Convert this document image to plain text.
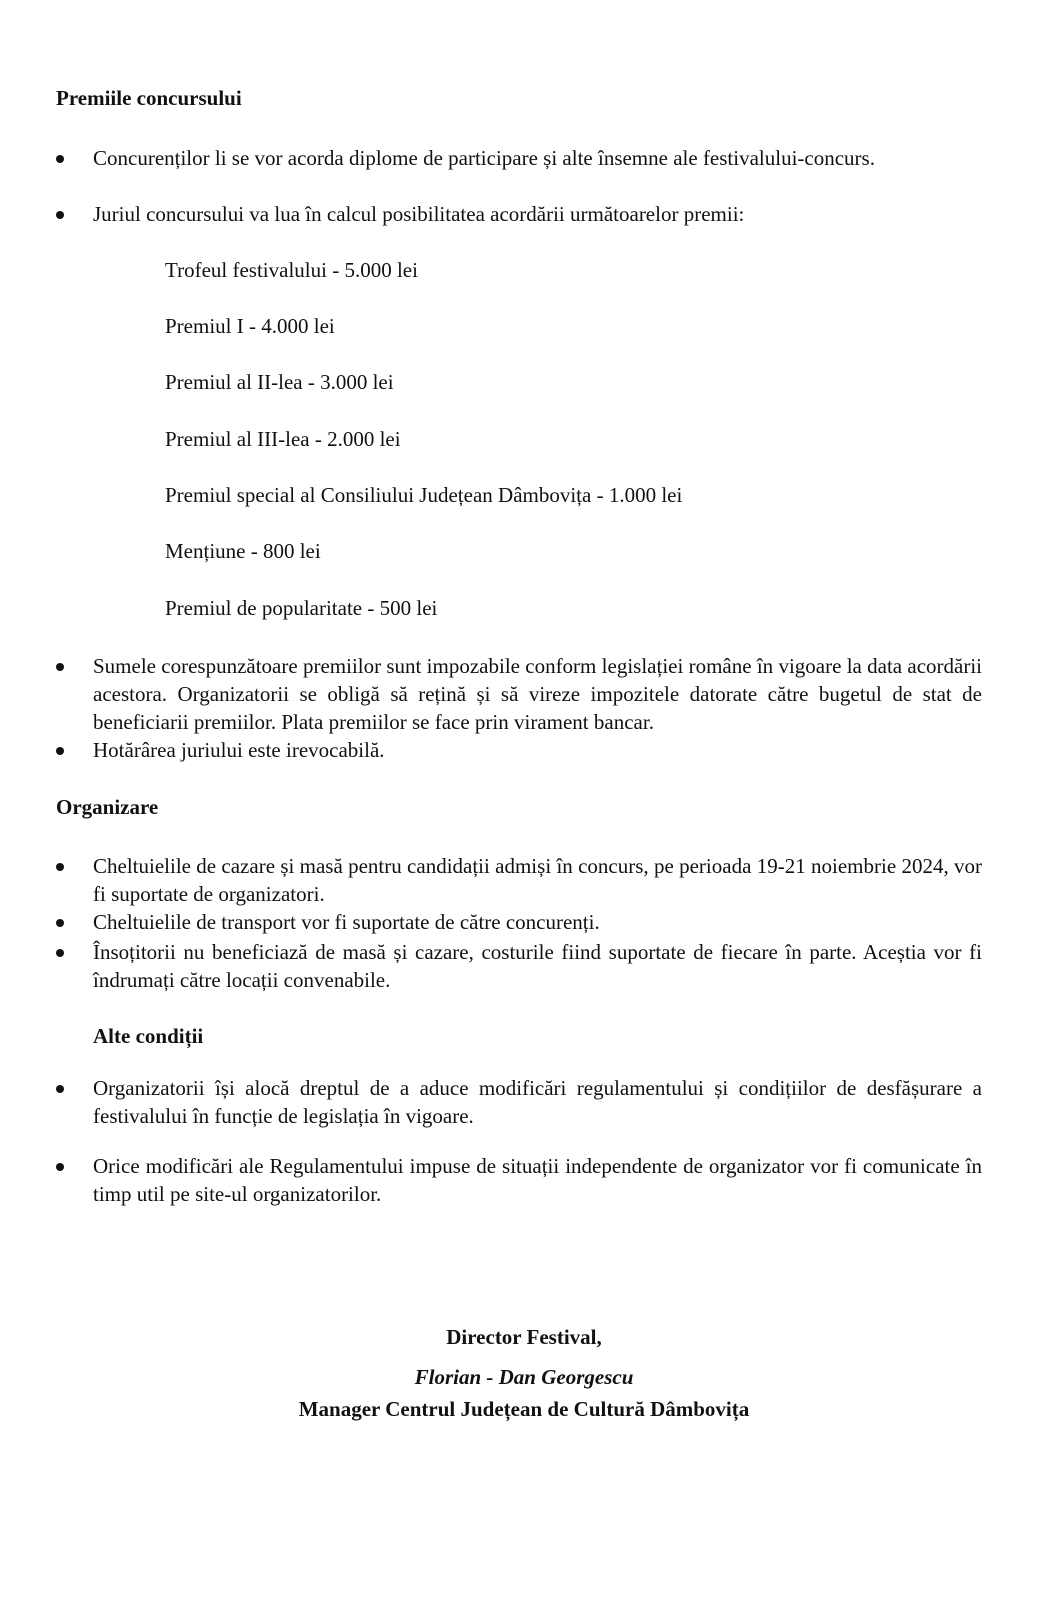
Premiile concursului
Concurenților li se vor acorda diplome de participare și alte însemne ale festivalului-concurs.
Juriul concursului va lua în calcul posibilitatea acordării următoarelor premii:
Trofeul festivalului - 5.000 lei
Premiul I - 4.000 lei
Premiul al II-lea - 3.000 lei
Premiul al III-lea - 2.000 lei
Premiul special al Consiliului Județean Dâmbovița - 1.000 lei
Mențiune - 800 lei
Premiul de popularitate - 500 lei
Sumele corespunzătoare premiilor sunt impozabile conform legislației române în vigoare la data acordării acestora. Organizatorii se obligă să rețină și să vireze impozitele datorate către bugetul de stat de beneficiarii premiilor. Plata premiilor se face prin virament bancar.
Hotărârea juriului este irevocabilă.
Organizare
Cheltuielile de cazare și masă pentru candidații admiși în concurs, pe perioada 19-21 noiembrie 2024, vor fi suportate de organizatori.
Cheltuielile de transport vor fi suportate de către concurenți.
Însoțitorii nu beneficiază de masă și cazare, costurile fiind suportate de fiecare în parte. Aceștia vor fi îndrumați către locații convenabile.
Alte condiții
Organizatorii își alocă dreptul de a aduce modificări regulamentului și condițiilor de desfășurare a festivalului în funcție de legislația în vigoare.
Orice modificări ale Regulamentului impuse de situații independente de organizator vor fi comunicate în timp util pe site-ul organizatorilor.
Director Festival,
Florian - Dan Georgescu
Manager Centrul Județean de Cultură Dâmbovița
